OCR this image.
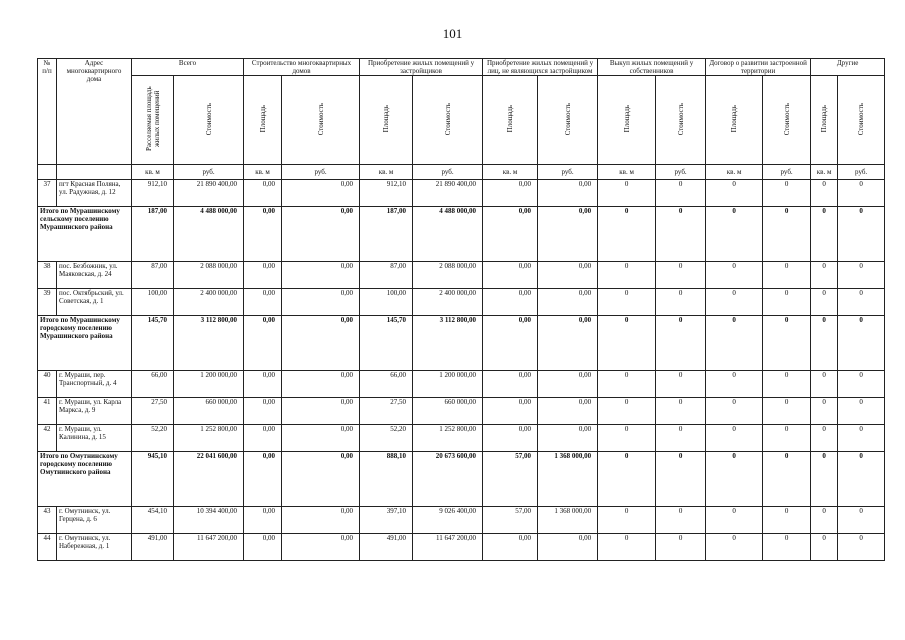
101
№ п/п	Адрес многоквартирного дома	Всего		Строительство многоквартирных домов		Приобретение жилых помещений у застройщиков		Приобретение жилых помещений у лиц, не являющихся застройщиком		Выкуп жилых помещений у собственников		Договор о развитии застроенной территории		Другие	
		Расселяемая площадь жилых помещений	Стоимость	Площадь	Стоимость	Площадь	Стоимость	Площадь	Стоимость	Площадь	Стоимость	Площадь	Стоимость	Площадь	Стоимость
		кв. м	руб.	кв. м	руб.	кв. м	руб.	кв. м	руб.	кв. м	руб.	кв. м	руб.	кв. м	руб.
37	пгт Красная Поляна, ул. Радужная, д. 12	912,10	21 890 400,00	0,00	0,00	912,10	21 890 400,00	0,00	0,00	0	0	0	0	0	0
Итого по Мурашинскому сельскому поселению Мурашинского района		187,00	4 488 000,00	0,00	0,00	187,00	4 488 000,00	0,00	0,00	0	0	0	0	0	0
38	пос. Безбожник, ул. Маяковская, д. 24	87,00	2 088 000,00	0,00	0,00	87,00	2 088 000,00	0,00	0,00	0	0	0	0	0	0
39	пос. Октябрьский, ул. Советская, д. 1	100,00	2 400 000,00	0,00	0,00	100,00	2 400 000,00	0,00	0,00	0	0	0	0	0	0
Итого по Мурашинскому городскому поселению Мурашинского района		145,70	3 112 800,00	0,00	0,00	145,70	3 112 800,00	0,00	0,00	0	0	0	0	0	0
40	г. Мураши, пер. Транспортный, д. 4	66,00	1 200 000,00	0,00	0,00	66,00	1 200 000,00	0,00	0,00	0	0	0	0	0	0
41	г. Мураши, ул. Карла Маркса, д. 9	27,50	660 000,00	0,00	0,00	27,50	660 000,00	0,00	0,00	0	0	0	0	0	0
42	г. Мураши, ул. Калинина, д. 15	52,20	1 252 800,00	0,00	0,00	52,20	1 252 800,00	0,00	0,00	0	0	0	0	0	0
Итого по Омутнинскому городскому поселению Омутнинского района		945,10	22 041 600,00	0,00	0,00	888,10	20 673 600,00	57,00	1 368 000,00	0	0	0	0	0	0
43	г. Омутнинск, ул. Герцена, д. 6	454,10	10 394 400,00	0,00	0,00	397,10	9 026 400,00	57,00	1 368 000,00	0	0	0	0	0	0
44	г. Омутнинск, ул. Набережная, д. 1	491,00	11 647 200,00	0,00	0,00	491,00	11 647 200,00	0,00	0,00	0	0	0	0	0	0
